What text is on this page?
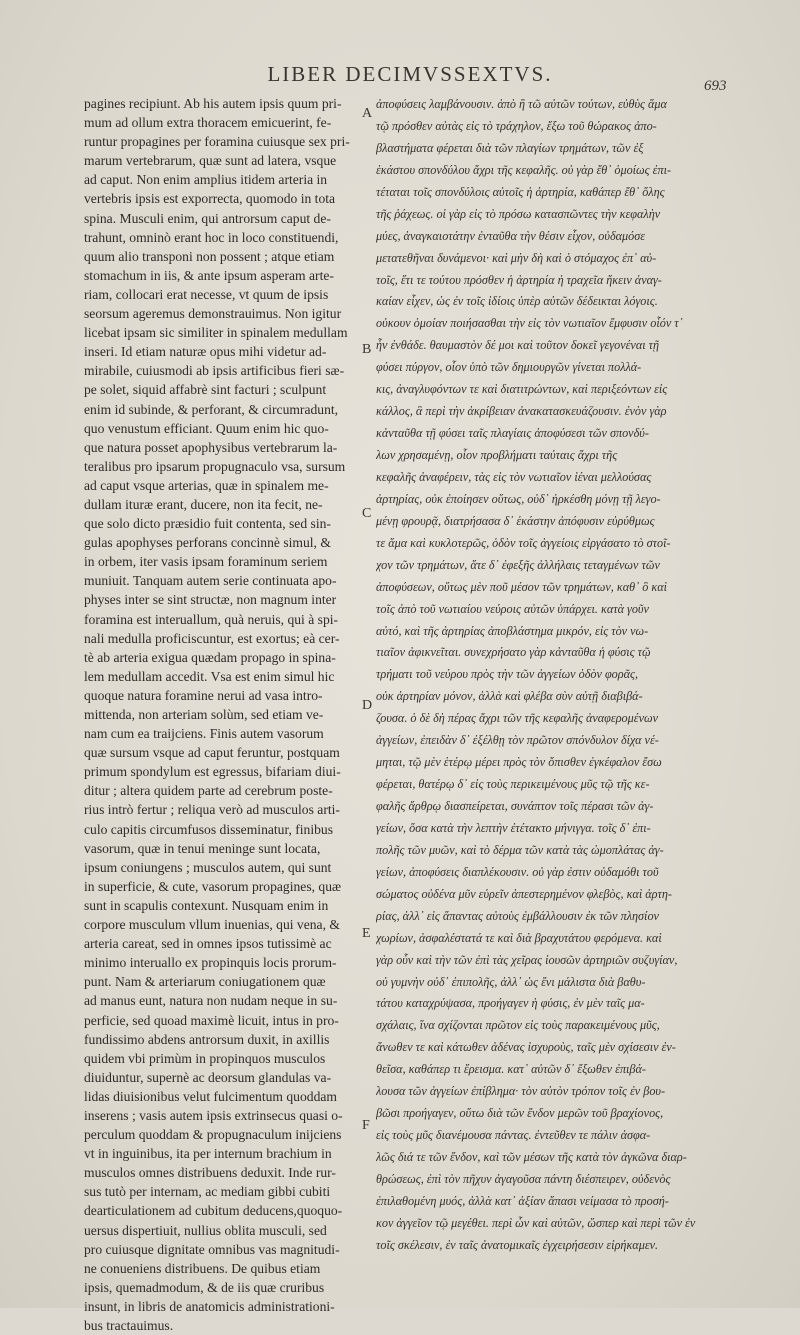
LIBER DECIMVSSEXTVS.	693
pagines recipiunt. Ab his autem ipsis quum pri-
mum ad ollum extra thoracem emicuerint, fe-
runtur propagines per foramina cuiusque sex pri-
marum vertebrarum, quæ sunt ad latera, vsque
ad caput. Non enim amplius itidem arteria in
vertebris ipsis est exporrecta, quomodo in tota
spina. Musculi enim, qui antrorsum caput de-
trahunt, omninò erant hoc in loco constituendi,
quum alio transponi non possent ; atque etiam
stomachum in iis, & ante ipsum asperam arte-
riam, collocari erat necesse, vt quum de ipsis
seorsum ageremus demonstrauimus. Non igitur
licebat ipsam sic similiter in spinalem medullam
inseri. Id etiam naturæ opus mihi videtur ad-
mirabile, cuiusmodi ab ipsis artificibus fieri sæ-
pe solet, siquid affabrè sint facturi ; sculpunt
enim id subinde, & perforant, & circumradunt,
quo venustum efficiant. Quum enim hic quo-
que natura posset apophysibus vertebrarum la-
teralibus pro ipsarum propugnaculo vsa, sursum
ad caput vsque arterias, quæ in spinalem me-
dullam ituræ erant, ducere, non ita fecit, ne-
que solo dicto præsidio fuit contenta, sed sin-
gulas apophyses perforans concinnè simul, &
in orbem, iter vasis ipsam foraminum seriem
muniuit. Tanquam autem serie continuata apo-
physes inter se sint structæ, non magnum inter
foramina est interuallum, quà neruis, qui à spi-
nali medulla proficiscuntur, est exortus; eà cer-
tè ab arteria exigua quædam propago in spina-
lem medullam accedit. Vsa est enim simul hic
quoque natura foramine nerui ad vasa intro-
mittenda, non arteriam solùm, sed etiam ve-
nam cum ea traijciens. Finis autem vasorum
quæ sursum vsque ad caput feruntur, postquam
primum spondylum est egressus, bifariam diui-
ditur ; altera quidem parte ad cerebrum poste-
rius intrò fertur ; reliqua verò ad musculos arti-
culo capitis circumfusos disseminatur, finibus
vasorum, quæ in tenui meninge sunt locata,
ipsum coniungens ; musculos autem, qui sunt
in superficie, & cute, vasorum propagines, quæ
sunt in scapulis contexunt. Nusquam enim in
corpore musculum vllum inuenias, qui vena, &
arteria careat, sed in omnes ipsos tutissimè ac
minimo interuallo ex propinquis locis prorum-
punt. Nam & arteriarum coniugationem quæ
ad manus eunt, natura non nudam neque in su-
perficie, sed quoad maximè licuit, intus in pro-
fundissimo abdens antrorsum duxit, in axillis
quidem vbi primùm in propinquos musculos
diuiduntur, supernè ac deorsum glandulas va-
lidas diuisionibus velut fulcimentum quoddam
inserens ; vasis autem ipsis extrinsecus quasi o-
perculum quoddam & propugnaculum inijciens
vt in inguinibus, ita per internum brachium in
musculos omnes distribuens deduxit. Inde rur-
sus tutò per internam, ac mediam gibbi cubiti
dearticulationem ad cubitum deducens,quoquo-
uersus dispertiuit, nullius oblita musculi, sed
pro cuiusque dignitate omnibus vas magnitudi-
ne conueniens distribuens. De quibus etiam
ipsis, quemadmodum, & de iis quæ cruribus
insunt, in libris de anatomicis administrationi-
bus tractauimus.
ἀποφύσεις λαμβάνουσιν. ἀπὸ ἢ τῶ αὐτῶν τούτων, εὐθὺς ἅμα
τῷ πρόσθεν αὐτὰς εἰς τὸ τράχηλον, ἔξω τοῦ θώρακος ἀπο-
βλαστήματα φέρεται διὰ τῶν πλαγίων τρημάτων, τῶν ἐξ
ἑκάστου σπονδύλου ἄχρι τῆς κεφαλῆς. οὐ γὰρ ἔθ᾽ ὁμοίως ἐπι-
τέταται τοῖς σπονδύλοις αὐτοῖς ἡ ἀρτηρία, καθάπερ ἔθ᾽ ὅλης
τῆς ῥάχεως. οἱ γὰρ εἰς τὸ πρόσω κατασπῶντες τὴν κεφαλὴν
μύες, ἀναγκαιοτάτην ἐνταῦθα τὴν θέσιν εἶχον, οὐδαμόσε
μετατεθῆναι δυνάμενοι· καὶ μὴν δὴ καὶ ὁ στόμαχος ἐπ᾽ αὐ-
τοῖς, ἔτι τε τούτου πρόσθεν ἡ ἀρτηρία ἡ τραχεῖα ἥκειν ἀναγ-
καίαν εἶχεν, ὡς ἐν τοῖς ἰδίοις ὑπὲρ αὐτῶν δέδεικται λόγοις.
οὐκουν ὁμοίαν ποιήσασθαι τὴν εἰς τὸν νωτιαῖον ἔμφυσιν οἷόν τ᾽
ἦν ἐνθάδε. θαυμαστὸν δέ μοι καὶ τοῦτον δοκεῖ γεγονέναι τῇ
φύσει πύργον, οἷον ὑπὸ τῶν δημιουργῶν γίνεται πολλά-
κις, ἀναγλυφόντων τε καὶ διατιτρώντων, καὶ περιξεόντων εἰς
κάλλος, ἃ περὶ τὴν ἀκρίβειαν ἀνακατασκευάζουσιν. ἐνὸν γὰρ
κἀνταῦθα τῇ φύσει ταῖς πλαγίαις ἀποφύσεσι τῶν σπονδύ-
λων χρησαμένῃ, οἷον προβλήματι ταύταις ἄχρι τῆς
κεφαλῆς ἀναφέρειν, τὰς εἰς τὸν νωτιαῖον ἰέναι μελλούσας
ἀρτηρίας, οὐκ ἐποίησεν οὕτως, οὐδ᾽ ἠρκέσθη μόνῃ τῇ λεγο-
μένῃ φρουρᾷ, διατρήσασα δ᾽ ἑκάστην ἀπόφυσιν εὐρύθμως
τε ἅμα καὶ κυκλοτερῶς, ὁδὸν τοῖς ἀγγείοις εἰργάσατο τὸ στοῖ-
χον τῶν τρημάτων, ἅτε δ᾽ ἐφεξῆς ἀλλήλαις τεταγμένων τῶν
ἀποφύσεων, οὕτως μὲν ποῦ μέσον τῶν τρημάτων, καθ᾽ ὃ καὶ
τοῖς ἀπὸ τοῦ νωτιαίου νεύροις αὐτῶν ὑπάρχει. κατὰ γοῦν
αὐτό, καὶ τῆς ἀρτηρίας ἀποβλάστημα μικρόν, εἰς τὸν νω-
τιαῖον ἀφικνεῖται. συνεχρήσατο γὰρ κἀνταῦθα ἡ φύσις τῷ
τρήματι τοῦ νεύρου πρὸς τὴν τῶν ἀγγείων ὁδὸν φορᾶς,
οὐκ ἀρτηρίαν μόνον, ἀλλὰ καὶ φλέβα σὺν αὐτῇ διαβιβά-
ζουσα. ὁ δὲ δὴ πέρας ἄχρι τῶν τῆς κεφαλῆς ἀναφερομένων
ἀγγείων, ἐπειδὰν δ᾽ ἐξέλθῃ τὸν πρῶτον σπόνδυλον δίχα νέ-
μηται, τῷ μὲν ἑτέρῳ μέρει πρὸς τὸν ὄπισθεν ἐγκέφαλον ἔσω
φέρεται, θατέρῳ δ᾽ εἰς τοὺς περικειμένους μῦς τῷ τῆς κε-
φαλῆς ἄρθρῳ διασπείρεται, συνάπτον τοῖς πέρασι τῶν ἀγ-
γείων, ὅσα κατὰ τὴν λεπτὴν ἐτέτακτο μήνιγγα. τοῖς δ᾽ ἐπι-
πολῆς τῶν μυῶν, καὶ τὸ δέρμα τῶν κατὰ τὰς ὠμοπλάτας ἀγ-
γείων, ἀποφύσεις διαπλέκουσιν. οὐ γὰρ ἐστιν οὐδαμόθι τοῦ
σώματος οὐδένα μῦν εὑρεῖν ἀπεστερημένον φλεβὸς, καὶ ἀρτη-
ρίας, ἀλλ᾽ εἰς ἅπαντας αὐτοὺς ἐμβάλλουσιν ἐκ τῶν πλησίον
χωρίων, ἀσφαλέστατά τε καὶ διὰ βραχυτάτου φερόμενα. καὶ
γὰρ οὖν καὶ τὴν τῶν ἐπὶ τὰς χεῖρας ἰουσῶν ἀρτηριῶν συζυγίαν,
οὐ γυμνὴν οὐδ᾽ ἐπιπολῆς, ἀλλ᾽ ὡς ἔνι μάλιστα διὰ βαθυ-
τάτου καταχρύψασα, προήγαγεν ἡ φύσις, ἐν μὲν ταῖς μα-
σχάλαις, ἵνα σχίζονται πρῶτον εἰς τοὺς παρακειμένους μῦς,
ἄνωθεν τε καὶ κάτωθεν ἀδένας ἰσχυροὺς, ταῖς μὲν σχίσεσιν ἐν-
θεῖσα, καθάπερ τι ἔρεισμα. κατ᾽ αὐτῶν δ᾽ ἔξωθεν ἐπιβά-
λουσα τῶν ἀγγείων ἐπίβλημα· τὸν αὐτὸν τρόπον τοῖς ἐν βου-
βῶσι προήγαγεν, οὕτω διὰ τῶν ἔνδον μερῶν τοῦ βραχίονος,
εἰς τοὺς μῦς διανέμουσα πάντας. ἐντεῦθεν τε πάλιν ἀσφα-
λῶς διά τε τῶν ἔνδον, καὶ τῶν μέσων τῆς κατὰ τὸν ἀγκῶνα διαρ-
θρώσεως, ἐπὶ τὸν πῆχυν ἀγαγοῦσα πάντη διέσπειρεν, οὐδενὸς
ἐπιλαθομένη μυός, ἀλλὰ κατ᾽ ἀξίαν ἅπασι νείμασα τὸ προσή-
κον ἀγγεῖον τῷ μεγέθει. περὶ ὧν καὶ αὐτῶν, ὥσπερ καὶ περὶ τῶν ἐν
τοῖς σκέλεσιν, ἐν ταῖς ἀνατομικαῖς ἐγχειρήσεσιν εἰρήκαμεν.
A
B
C
D
E
F
